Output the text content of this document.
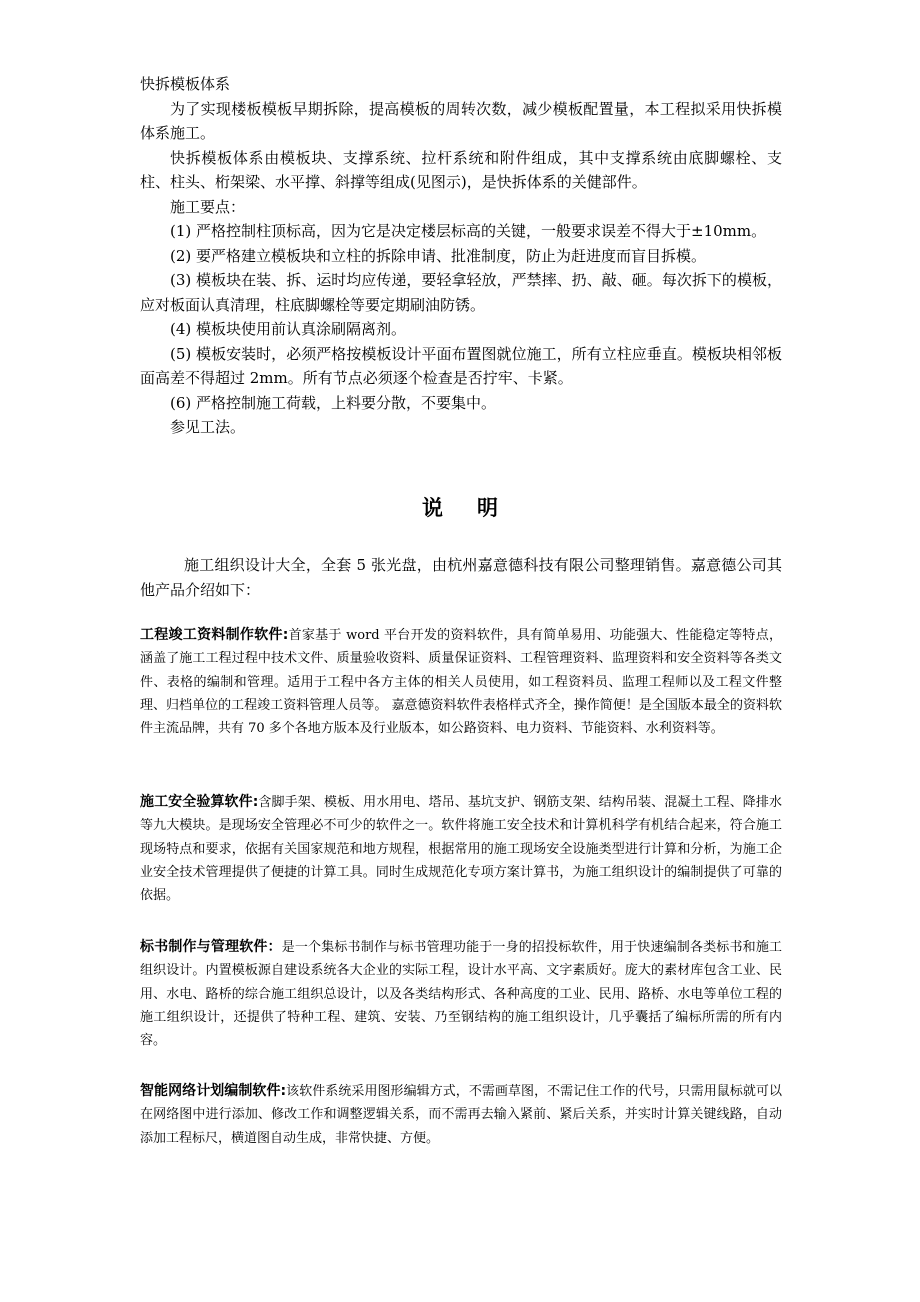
快拆模板体系

为了实现楼板模板早期拆除，提高模板的周转次数，减少模板配置量，本工程拟采用快拆模体系施工。

快拆模板体系由模板块、支撑系统、拉杆系统和附件组成，其中支撑系统由底脚螺栓、支柱、柱头、桁架梁、水平撑、斜撑等组成(见图示)，是快拆体系的关健部件。

施工要点：

(1) 严格控制柱顶标高，因为它是决定楼层标高的关键，一般要求误差不得大于±10mm。

(2) 要严格建立模板块和立柱的拆除申请、批准制度，防止为赶进度而盲目拆模。

(3) 模板块在装、拆、运时均应传递，要轻拿轻放，严禁摔、扔、敲、砸。每次拆下的模板，应对板面认真清理，柱底脚螺栓等要定期刷油防锈。

(4) 模板块使用前认真涂刷隔离剂。

(5) 模板安装时，必须严格按模板设计平面布置图就位施工，所有立柱应垂直。模板块相邻板面高差不得超过 2mm。所有节点必须逐个检查是否拧牢、卡紧。

(6) 严格控制施工荷载，上料要分散，不要集中。

参见工法。

说明

施工组织设计大全，全套 5 张光盘，由杭州嘉意德科技有限公司整理销售。嘉意德公司其他产品介绍如下：

工程竣工资料制作软件:首家基于 word 平台开发的资料软件，具有简单易用、功能强大、性能稳定等特点，涵盖了施工工程过程中技术文件、质量验收资料、质量保证资料、工程管理资料、监理资料和安全资料等各类文件、表格的编制和管理。适用于工程中各方主体的相关人员使用，如工程资料员、监理工程师以及工程文件整理、归档单位的工程竣工资料管理人员等。 嘉意德资料软件表格样式齐全，操作简便！是全国版本最全的资料软件主流品牌，共有 70 多个各地方版本及行业版本，如公路资料、电力资料、节能资料、水利资料等。

施工安全验算软件:含脚手架、模板、用水用电、塔吊、基坑支护、钢筋支架、结构吊装、混凝土工程、降排水等九大模块。是现场安全管理必不可少的软件之一。软件将施工安全技术和计算机科学有机结合起来，符合施工现场特点和要求，依据有关国家规范和地方规程，根据常用的施工现场安全设施类型进行计算和分析，为施工企业安全技术管理提供了便捷的计算工具。同时生成规范化专项方案计算书，为施工组织设计的编制提供了可靠的依据。

标书制作与管理软件：是一个集标书制作与标书管理功能于一身的招投标软件，用于快速编制各类标书和施工组织设计。内置模板源自建设系统各大企业的实际工程，设计水平高、文字素质好。庞大的素材库包含工业、民用、水电、路桥的综合施工组织总设计，以及各类结构形式、各种高度的工业、民用、路桥、水电等单位工程的施工组织设计，还提供了特种工程、建筑、安装、乃至钢结构的施工组织设计，几乎囊括了编标所需的所有内容。

智能网络计划编制软件:该软件系统采用图形编辑方式，不需画草图，不需记住工作的代号，只需用鼠标就可以在网络图中进行添加、修改工作和调整逻辑关系，而不需再去输入紧前、紧后关系，并实时计算关键线路，自动添加工程标尺，横道图自动生成，非常快捷、方便。
